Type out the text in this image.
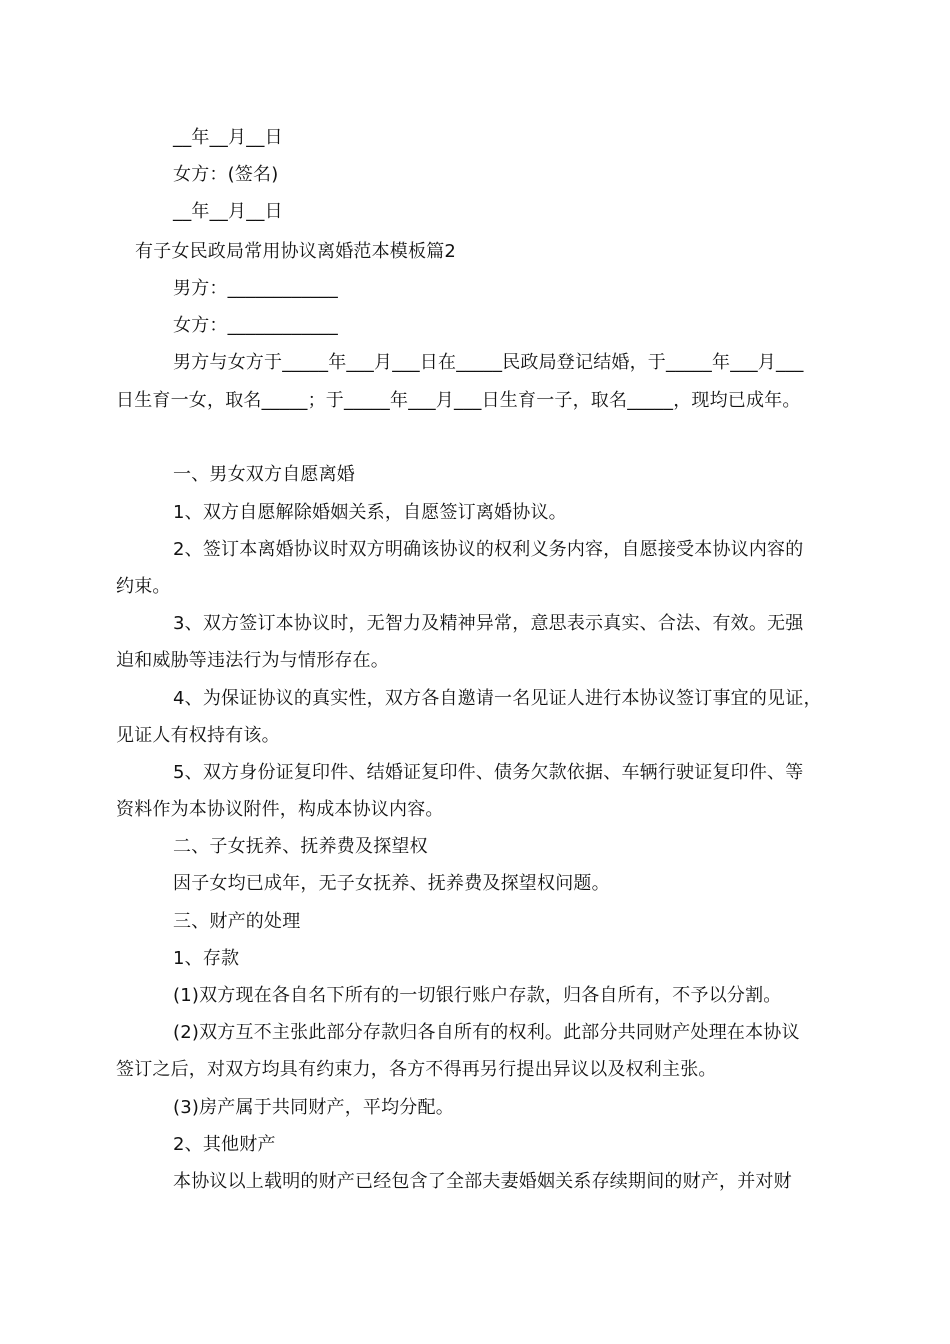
__年__月__日
女方：(签名)
__年__月__日
有子女民政局常用协议离婚范本模板篇2
男方：____________
女方：____________
男方与女方于_____年___月___日在_____民政局登记结婚，于_____年___月___
日生育一女，取名_____；于_____年___月___日生育一子，取名_____，现均已成年。
一、男女双方自愿离婚
1、双方自愿解除婚姻关系，自愿签订离婚协议。
2、签订本离婚协议时双方明确该协议的权利义务内容，自愿接受本协议内容的
约束。
3、双方签订本协议时，无智力及精神异常，意思表示真实、合法、有效。无强
迫和威胁等违法行为与情形存在。
4、为保证协议的真实性，双方各自邀请一名见证人进行本协议签订事宜的见证，
见证人有权持有该。
5、双方身份证复印件、结婚证复印件、债务欠款依据、车辆行驶证复印件、等
资料作为本协议附件，构成本协议内容。
二、子女抚养、抚养费及探望权
因子女均已成年，无子女抚养、抚养费及探望权问题。
三、财产的处理
1、存款
(1)双方现在各自名下所有的一切银行账户存款，归各自所有，不予以分割。
(2)双方互不主张此部分存款归各自所有的权利。此部分共同财产处理在本协议
签订之后，对双方均具有约束力，各方不得再另行提出异议以及权利主张。
(3)房产属于共同财产，平均分配。
2、其他财产
本协议以上载明的财产已经包含了全部夫妻婚姻关系存续期间的财产，并对财
